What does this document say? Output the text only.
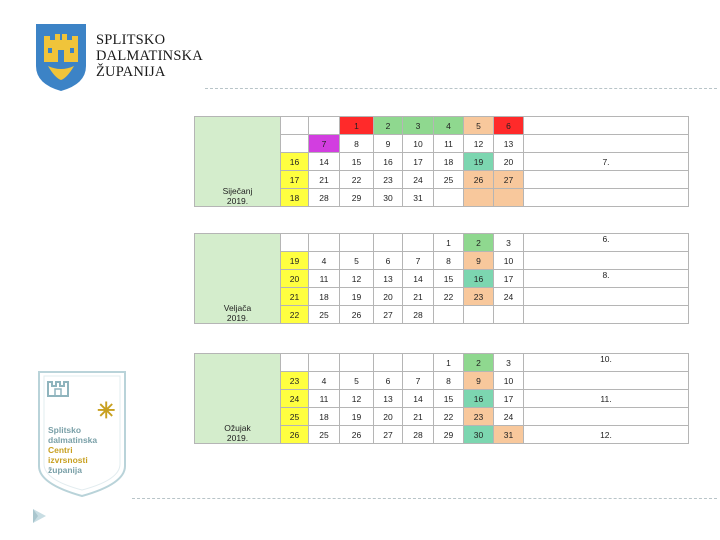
SPLITSKO
DALMATINSKA
ŽUPANIJA
Siječanj
2019.			1	2	3	4	5	6	
		7	8	9	10	11	12	13	
	16	14	15	16	17	18	19	20	7.
	17	21	22	23	24	25	26	27	
	18	28	29	30	31				
Veljača
2019.						1	2	3	6.
	19	4	5	6	7	8	9	10	
	20	11	12	13	14	15	16	17	8.
	21	18	19	20	21	22	23	24	
	22	25	26	27	28				
Ožujak
2019.						1	2	3	10.
	23	4	5	6	7	8	9	10	
	24	11	12	13	14	15	16	17	11.
	25	18	19	20	21	22	23	24	
	26	25	26	27	28	29	30	31	12.
✳
Splitsko
dalmatinska
Centri
izvrsnosti
županija
